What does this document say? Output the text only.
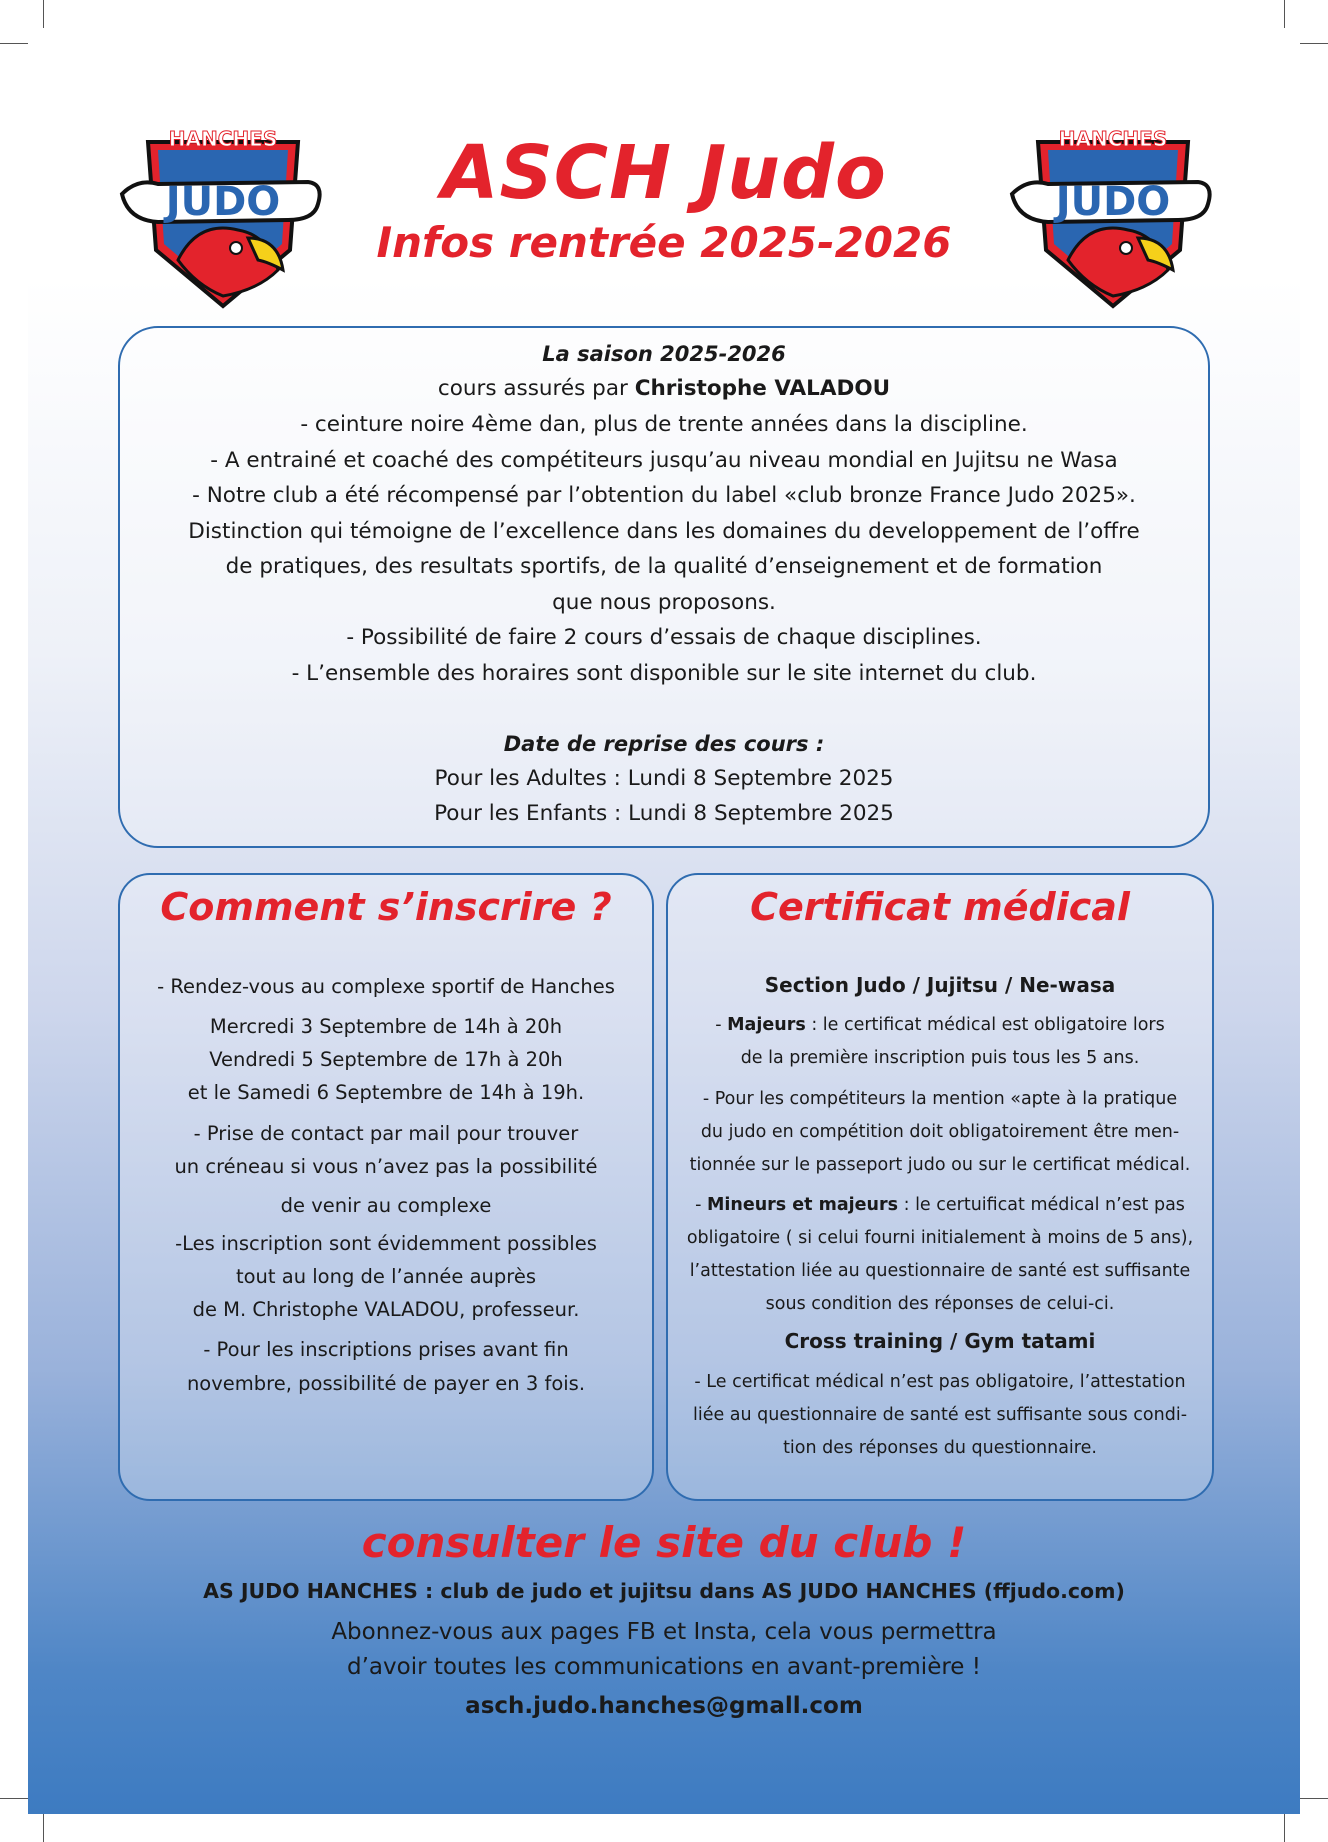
JUDO
HANCHES
JUDO
HANCHES
ASCH Judo
Infos rentrée 2025-2026
La saison 2025-2026
cours assurés par Christophe VALADOU
- ceinture noire 4ème dan, plus de trente années dans la discipline.
- A entrainé et coaché des compétiteurs jusqu’au niveau mondial en Jujitsu ne Wasa
- Notre club a été récompensé par l’obtention du label «club bronze France Judo 2025».
Distinction qui témoigne de l’excellence dans les domaines du developpement de l’offre
de pratiques, des resultats sportifs, de la qualité d’enseignement et de formation
que nous proposons.
- Possibilité de faire 2 cours d’essais de chaque disciplines.
- L’ensemble des horaires sont disponible sur le site internet du club.
Date de reprise des cours :
Pour les Adultes : Lundi 8 Septembre 2025
Pour les Enfants : Lundi 8 Septembre 2025
Comment s’inscrire ?
- Rendez-vous au complexe sportif de Hanches
Mercredi 3 Septembre de 14h à 20h
Vendredi 5 Septembre de 17h à 20h
et le Samedi 6 Septembre de 14h à 19h.
- Prise de contact par mail pour trouver
un créneau si vous n’avez pas la possibilité
de venir au complexe
-Les inscription sont évidemment possibles
tout au long de l’année auprès
de M. Christophe VALADOU, professeur.
- Pour les inscriptions prises avant fin
novembre, possibilité de payer en 3 fois.
Certificat médical
Section Judo / Jujitsu / Ne-wasa
- Majeurs : le certificat médical est obligatoire lors
de la première inscription puis tous les 5 ans.
- Pour les compétiteurs la mention «apte à la pratique
du judo en compétition doit obligatoirement être men-
tionnée sur le passeport judo ou sur le certificat médical.
- Mineurs et majeurs : le certuificat médical n’est pas
obligatoire ( si celui fourni initialement à moins de 5 ans),
l’attestation liée au questionnaire de santé est suffisante
sous condition des réponses de celui-ci.
Cross training / Gym tatami
- Le certificat médical n’est pas obligatoire, l’attestation
liée au questionnaire de santé est suffisante sous condi-
tion des réponses du questionnaire.
consulter le site du club !
AS JUDO HANCHES : club de judo et jujitsu dans AS JUDO HANCHES (ffjudo.com)
Abonnez-vous aux pages FB et Insta, cela vous permettra
d’avoir toutes les communications en avant-première !
asch.judo.hanches@gmall.com
